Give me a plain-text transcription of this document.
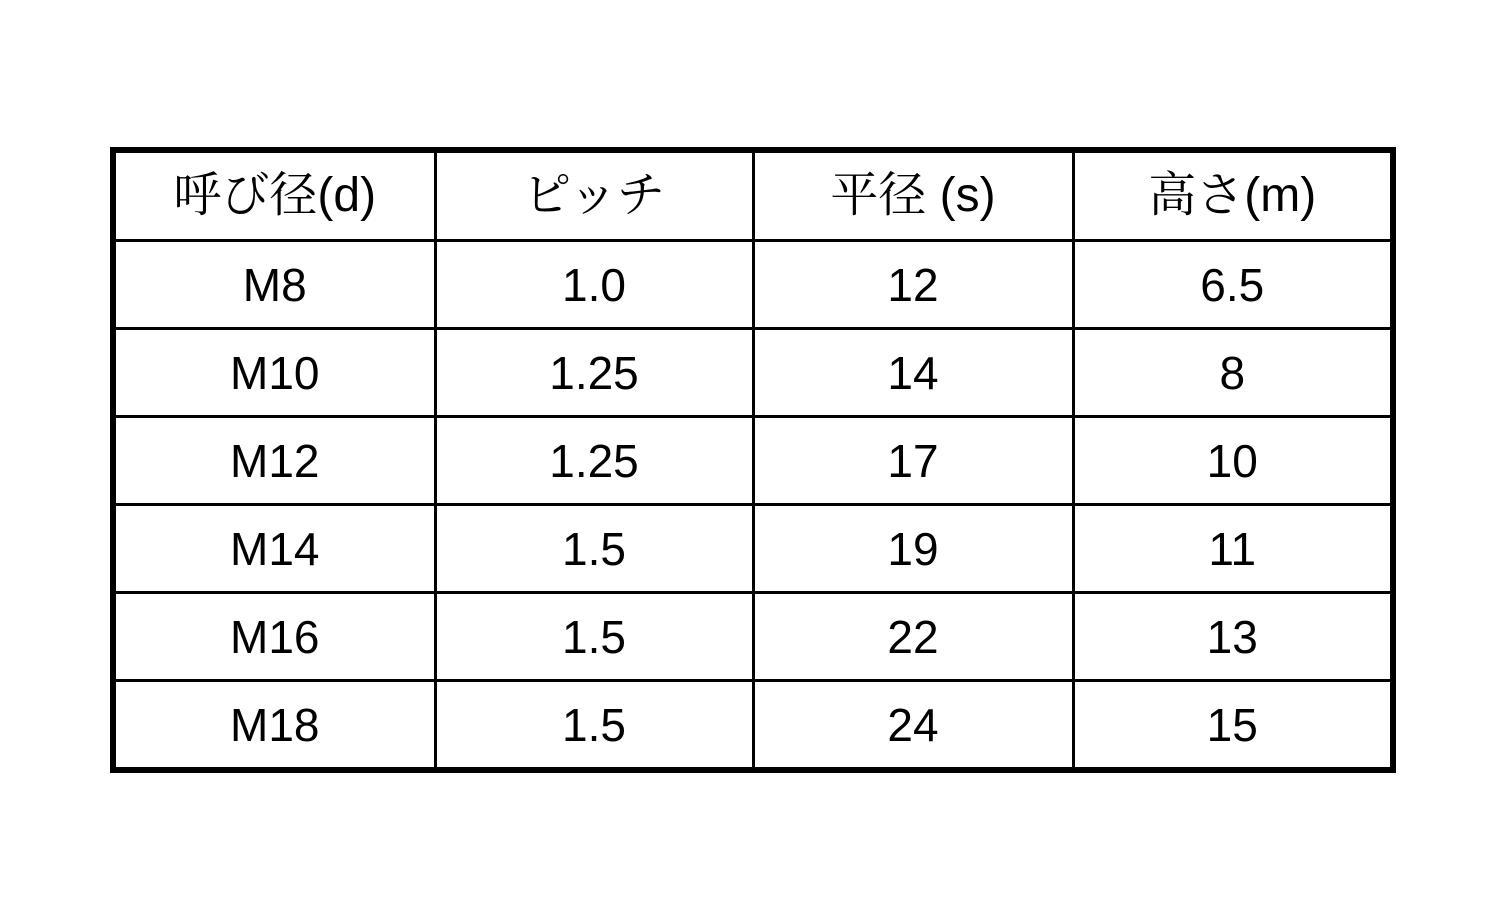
呼び径(d)	ピッチ	平径 (s)	高さ(m)
M8	1.0	12	6.5
M10	1.25	14	8
M12	1.25	17	10
M14	1.5	19	11
M16	1.5	22	13
M18	1.5	24	15
